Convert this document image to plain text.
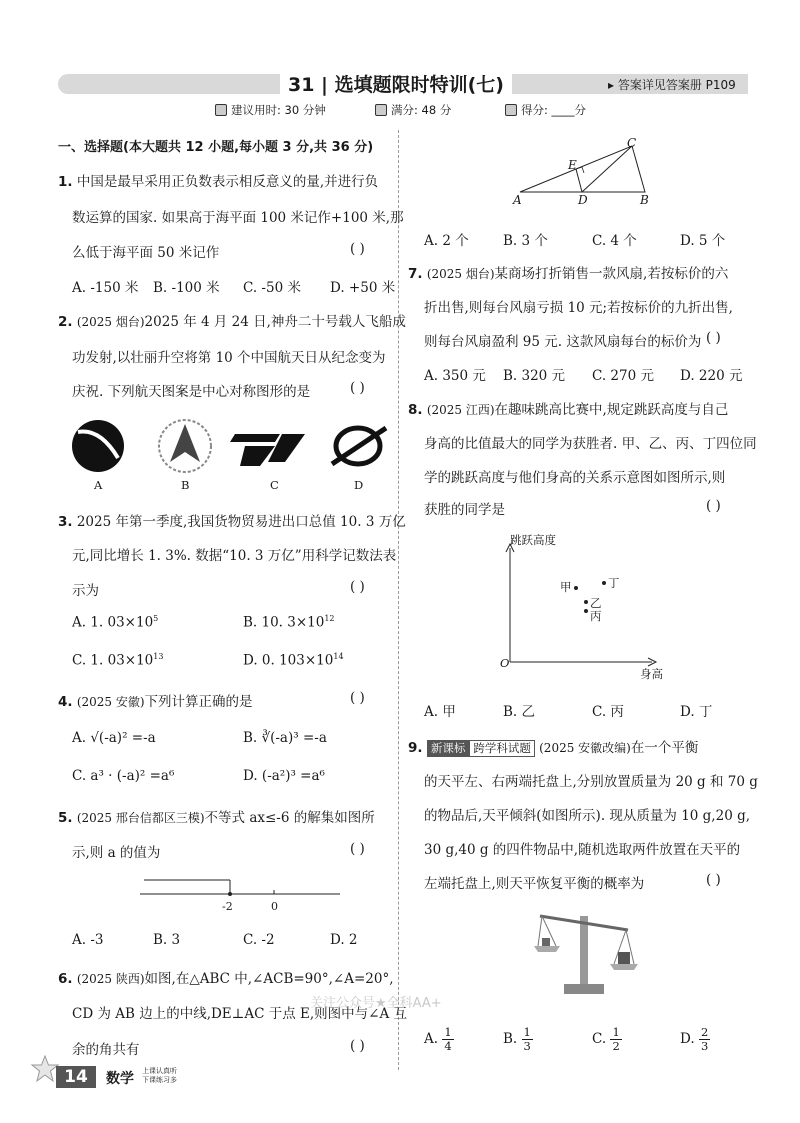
31 | 选填题限时特训(七)	▸ 答案详见答案册 P109
建议用时: 30 分钟	满分: 48 分	得分: ____分
一、选择题(本大题共 12 小题,每小题 3 分,共 36 分)
1. 中国是最早采用正负数表示相反意义的量,并进行负
数运算的国家. 如果高于海平面 100 米记作+100 米,那
么低于海平面 50 米记作	( )
A. -150 米 B. -100 米 C. -50 米 D. +50 米
2. (2025 烟台)2025 年 4 月 24 日,神舟二十号载人飞船成
功发射,以壮丽升空将第 10 个中国航天日从纪念变为
庆祝. 下列航天图案是中心对称图形的是	( )
A	B	C	D
3. 2025 年第一季度,我国货物贸易进出口总值 10. 3 万亿
元,同比增长 1. 3%. 数据“10. 3 万亿”用科学记数法表
示为	( )
A. 1. $03\times 10^5$	B. 10. $3\times 10^{12}$
C. 1. $03\times 10^{13}$	D. 0. $103\times 10^{14}$
4. (2025 安徽)下列计算正确的是	( )
A. √(-a)² =-a	B. ∛(-a)³ =-a
C. a³ · (-a)² =a⁶	D. (-a²)³ =a⁶
5. (2025 邢台信都区三模)不等式 ax≤-6 的解集如图所
示,则 a 的值为	( )
-2	0
A. -3	B. 3	C. -2	D. 2
6. (2025 陕西)如图,在△ABC 中,∠ACB=90°,∠A=20°,
CD 为 AB 边上的中线,DE⊥AC 于点 E,则图中与∠A 互
余的角共有	( )
E
C
A	D	B
A. 2 个	B. 3 个	C. 4 个	D. 5 个
7. (2025 烟台)某商场打折销售一款风扇,若按标价的六
折出售,则每台风扇亏损 10 元;若按标价的九折出售,
则每台风扇盈利 95 元. 这款风扇每台的标价为 ( )
A. 350 元 B. 320 元 C. 270 元 D. 220 元
8. (2025 江西)在趣味跳高比赛中,规定跳跃高度与自己
身高的比值最大的同学为获胜者. 甲、乙、丙、丁四位同
学的跳跃高度与他们身高的关系示意图如图所示,则
获胜的同学是	( )
跳跃高度
身高
O
甲
乙
丙
丁
A. 甲	B. 乙	C. 丙	D. 丁
9. 新课标 跨学科试题 (2025 安徽改编)在一个平衡
的天平左、右两端托盘上,分别放置质量为 20 g 和 70 g
的物品后,天平倾斜(如图所示). 现从质量为 10 g,20 g,
30 g,40 g 的四件物品中,随机选取两件放置在天平的
左端托盘上,则天平恢复平衡的概率为	( )
A. $\frac{1}{4}$	B. $\frac{1}{3}$	C. $\frac{1}{2}$	D. $\frac{2}{3}$
关注公众号★全科AA+
14	数学 上课认真听 下课练习多
